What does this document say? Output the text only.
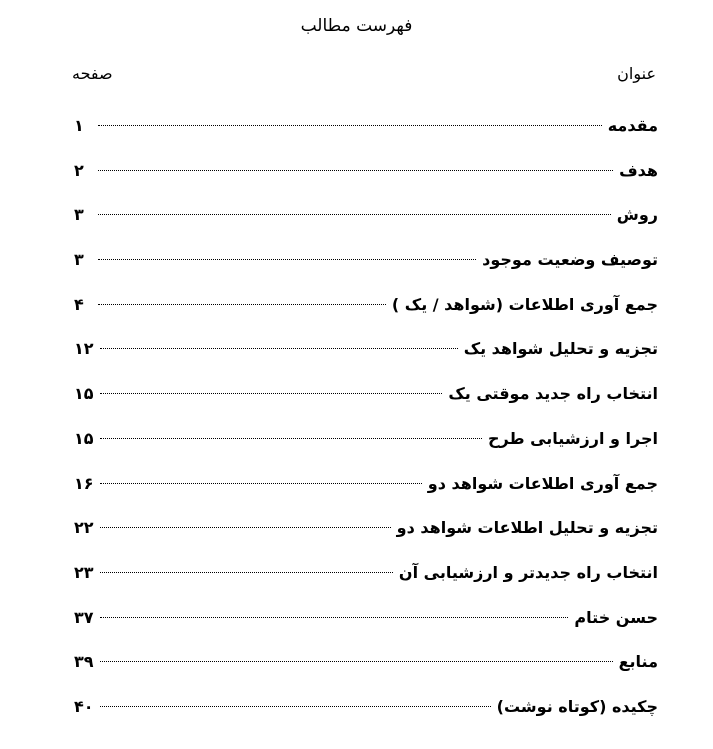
فهرست مطالب
عنوان
صفحه
مقدمه
۱
هدف
۲
روش
۳
توصیف وضعیت موجود
۳
جمع آوری اطلاعات (شواهد / یک )
۴
تجزیه و تحلیل شواهد یک
۱۲
انتخاب راه جدید موقتی یک
۱۵
اجرا و ارزشیابی طرح
۱۵
جمع آوری اطلاعات شواهد دو
۱۶
تجزیه و تحلیل اطلاعات شواهد دو
۲۲
انتخاب راه جدیدتر و ارزشیابی آن
۲۳
حسن ختام
۳۷
منابع
۳۹
چکیده (کوتاه نوشت)
۴۰
